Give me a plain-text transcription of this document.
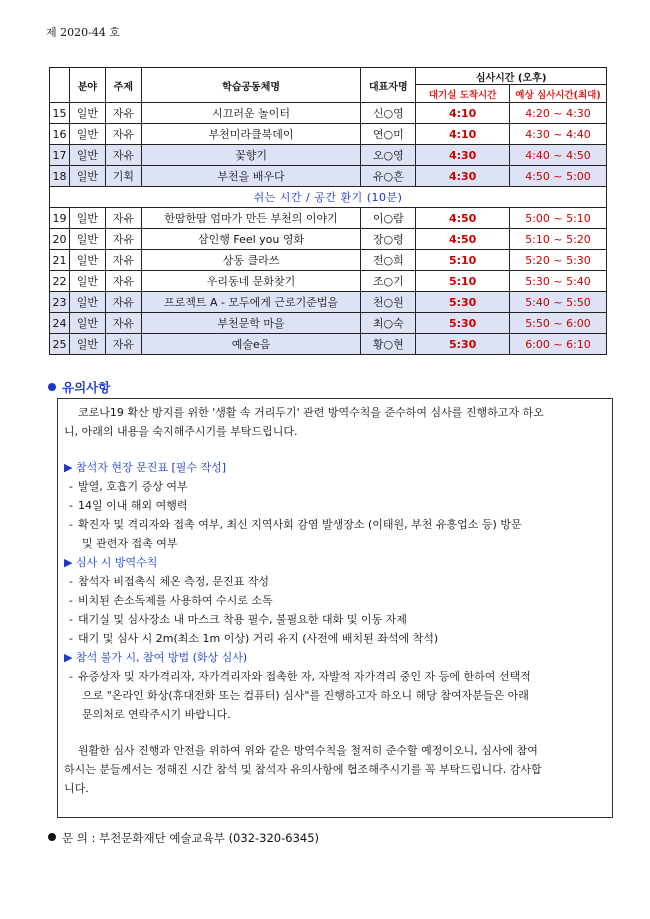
제 2020-44 호
	분야	주제	학습공동체명	대표자명	심사시간 (오후)	
					대기실 도착시간	예상 심사시간(최대)
15	일반	자유	시끄러운 놀이터	신○영	4:10	4:20 ~ 4:30
16	일반	자유	부천미라클북데이	연○미	4:10	4:30 ~ 4:40
17	일반	자유	꽃향기	오○영	4:30	4:40 ~ 4:50
18	일반	기획	부천을 배우다	유○흔	4:30	4:50 ~ 5:00
쉬는 시간 / 공간 환기 (10분)						
19	일반	자유	한땀한땀 엄마가 만든 부천의 이야기	이○람	4:50	5:00 ~ 5:10
20	일반	자유	삼인행 Feel you 영화	장○령	4:50	5:10 ~ 5:20
21	일반	자유	상동 클라쓰	전○희	5:10	5:20 ~ 5:30
22	일반	자유	우리동네 문화찾기	조○기	5:10	5:30 ~ 5:40
23	일반	자유	프로젝트 A - 모두에게 근로기준법을	천○원	5:30	5:40 ~ 5:50
24	일반	자유	부천문학 마을	최○숙	5:30	5:50 ~ 6:00
25	일반	자유	예술e음	황○현	5:30	6:00 ~ 6:10
유의사항
코로나19 확산 방지를 위한 '생활 속 거리두기' 관련 방역수칙을 준수하여 심사를 진행하고자 하오
니, 아래의 내용을 숙지해주시기를 부탁드립니다.
▶ 참석자 현장 문진표 [필수 작성]
- 발열, 호흡기 증상 여부
- 14일 이내 해외 여행력
- 확진자 및 격리자와 접촉 여부, 최신 지역사회 감염 발생장소 (이태원, 부천 유흥업소 등) 방문
및 관련자 접촉 여부
▶ 심사 시 방역수칙
- 참석자 비접촉식 체온 측정, 문진표 작성
- 비치된 손소독제를 사용하여 수시로 소독
- 대기실 및 심사장소 내 마스크 착용 필수, 불필요한 대화 및 이동 자제
- 대기 및 심사 시 2m(최소 1m 이상) 거리 유지 (사전에 배치된 좌석에 착석)
▶ 참석 불가 시, 참여 방법 (화상 심사)
- 유증상자 및 자가격리자, 자가격리자와 접촉한 자, 자발적 자가격리 중인 자 등에 한하여 선택적
으로 "온라인 화상(휴대전화 또는 컴퓨터) 심사"를 진행하고자 하오니 해당 참여자분들은 아래
문의처로 연락주시기 바랍니다.
원활한 심사 진행과 안전을 위하여 위와 같은 방역수칙을 철저히 준수할 예정이오니, 심사에 참여
하시는 분들께서는 정해진 시간 참석 및 참석자 유의사항에 협조해주시기를 꼭 부탁드립니다. 감사합
니다.
문 의 : 부천문화재단 예술교육부 (032-320-6345)
